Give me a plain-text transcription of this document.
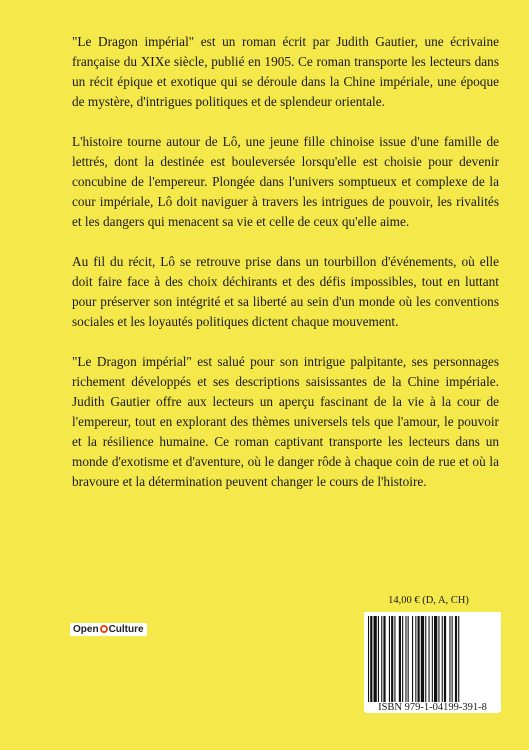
"Le Dragon impérial" est un roman écrit par Judith Gautier, une écrivaine française du XIXe siècle, publié en 1905. Ce roman transporte les lecteurs dans un récit épique et exotique qui se déroule dans la Chine impériale, une époque de mystère, d'intrigues politiques et de splendeur orientale.

L'histoire tourne autour de Lô, une jeune fille chinoise issue d'une famille de lettrés, dont la destinée est bouleversée lorsqu'elle est choisie pour devenir concubine de l'empereur. Plongée dans l'univers somptueux et complexe de la cour impériale, Lô doit naviguer à travers les intrigues de pouvoir, les rivalités et les dangers qui menacent sa vie et celle de ceux qu'elle aime.

Au fil du récit, Lô se retrouve prise dans un tourbillon d'événements, où elle doit faire face à des choix déchirants et des défis impossibles, tout en luttant pour préserver son intégrité et sa liberté au sein d'un monde où les conventions sociales et les loyautés politiques dictent chaque mouvement.

"Le Dragon impérial" est salué pour son intrigue palpitante, ses personnages richement développés et ses descriptions saisissantes de la Chine impériale. Judith Gautier offre aux lecteurs un aperçu fascinant de la vie à la cour de l'empereur, tout en explorant des thèmes universels tels que l'amour, le pouvoir et la résilience humaine. Ce roman captivant transporte les lecteurs dans un monde d'exotisme et d'aventure, où le danger rôde à chaque coin de rue et où la bravoure et la détermination peuvent changer le cours de l'histoire.

Open Culture
14,00 € (D, A, CH)
ISBN 979-1-04199-391-8
